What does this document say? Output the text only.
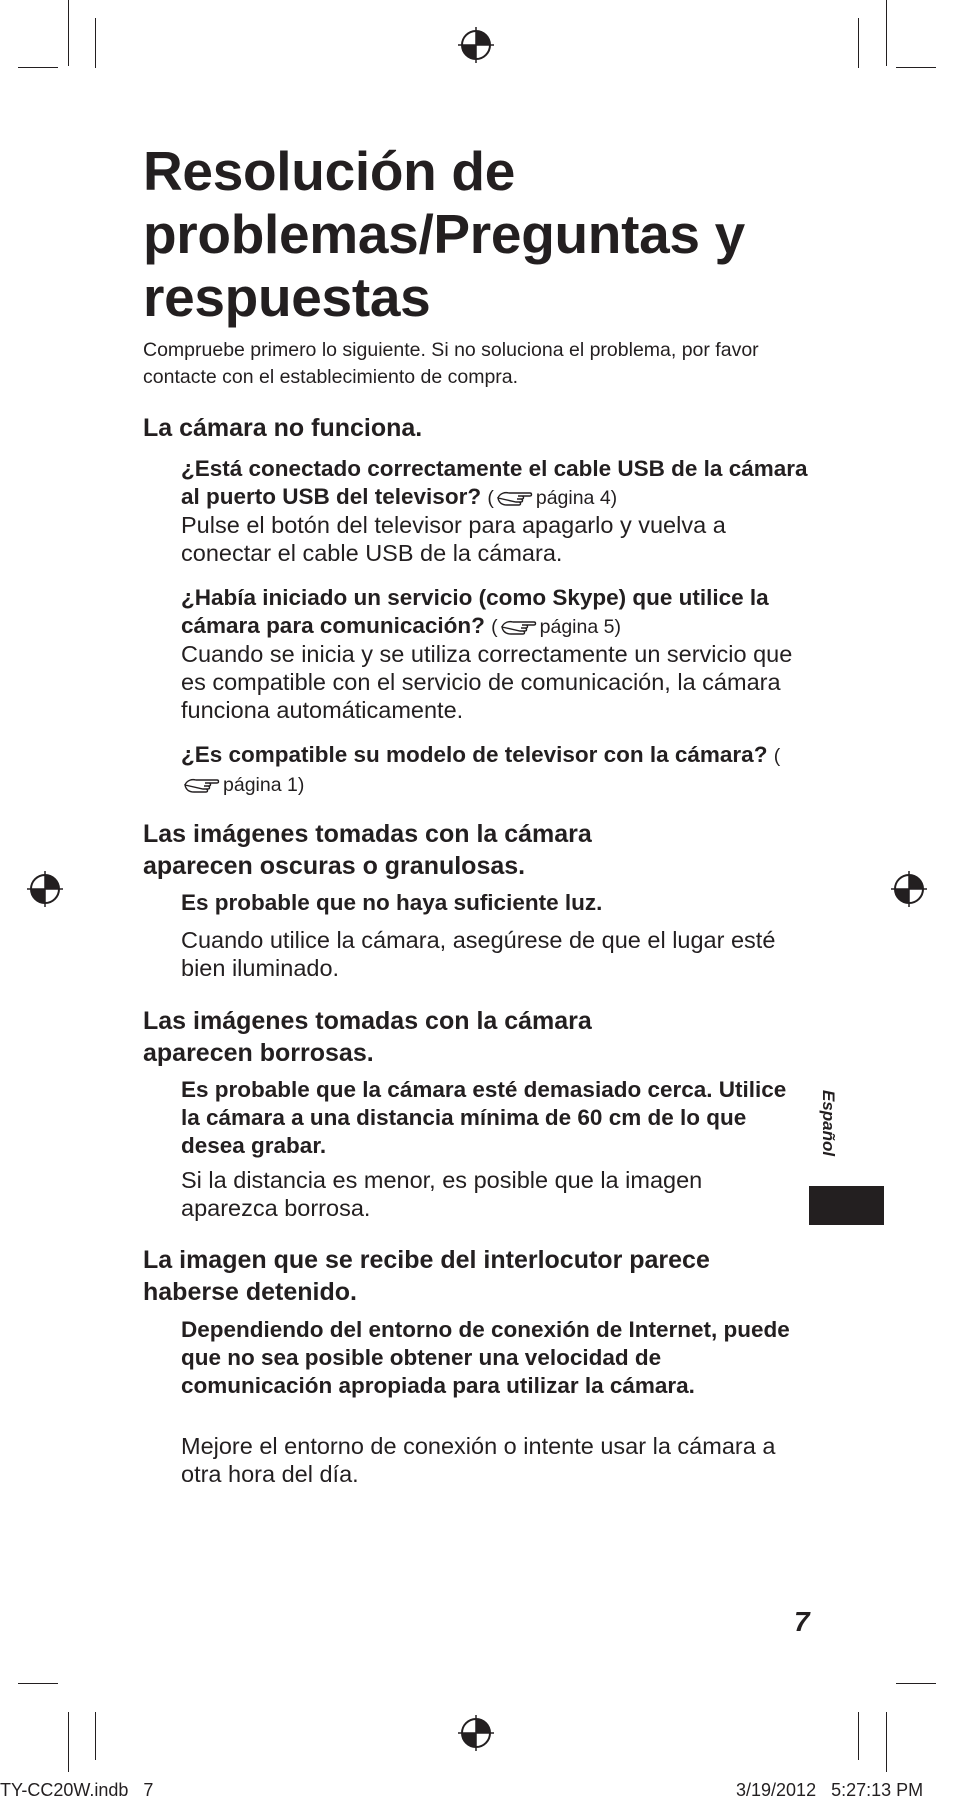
Resolución de problemas/Preguntas y respuestas
Compruebe primero lo siguiente. Si no soluciona el problema, por favor contacte con el establecimiento de compra.
La cámara no funciona.
¿Está conectado correctamente el cable USB de la cámara al puerto USB del televisor? ( página 4)
Pulse el botón del televisor para apagarlo y vuelva a conectar el cable USB de la cámara.
¿Había iniciado un servicio (como Skype) que utilice la cámara para comunicación? ( página 5)
Cuando se inicia y se utiliza correctamente un servicio que es compatible con el servicio de comunicación, la cámara funciona automáticamente.
¿Es compatible su modelo de televisor con la cámara? (página 1)
Las imágenes tomadas con la cámara aparecen oscuras o granulosas.
Es probable que no haya suficiente luz.
Cuando utilice la cámara, asegúrese de que el lugar esté bien iluminado.
Las imágenes tomadas con la cámara aparecen borrosas.
Es probable que la cámara esté demasiado cerca. Utilice la cámara a una distancia mínima de 60 cm de lo que desea grabar.
Si la distancia es menor, es posible que la imagen aparezca borrosa.
La imagen que se recibe del interlocutor parece haberse detenido.
Dependiendo del entorno de conexión de Internet, puede que no sea posible obtener una velocidad de comunicación apropiada para utilizar la cámara.
Mejore el entorno de conexión o intente usar la cámara a otra hora del día.
Español
7
TY-CC20W.indb   7	3/19/2012 5:27:13 PM
